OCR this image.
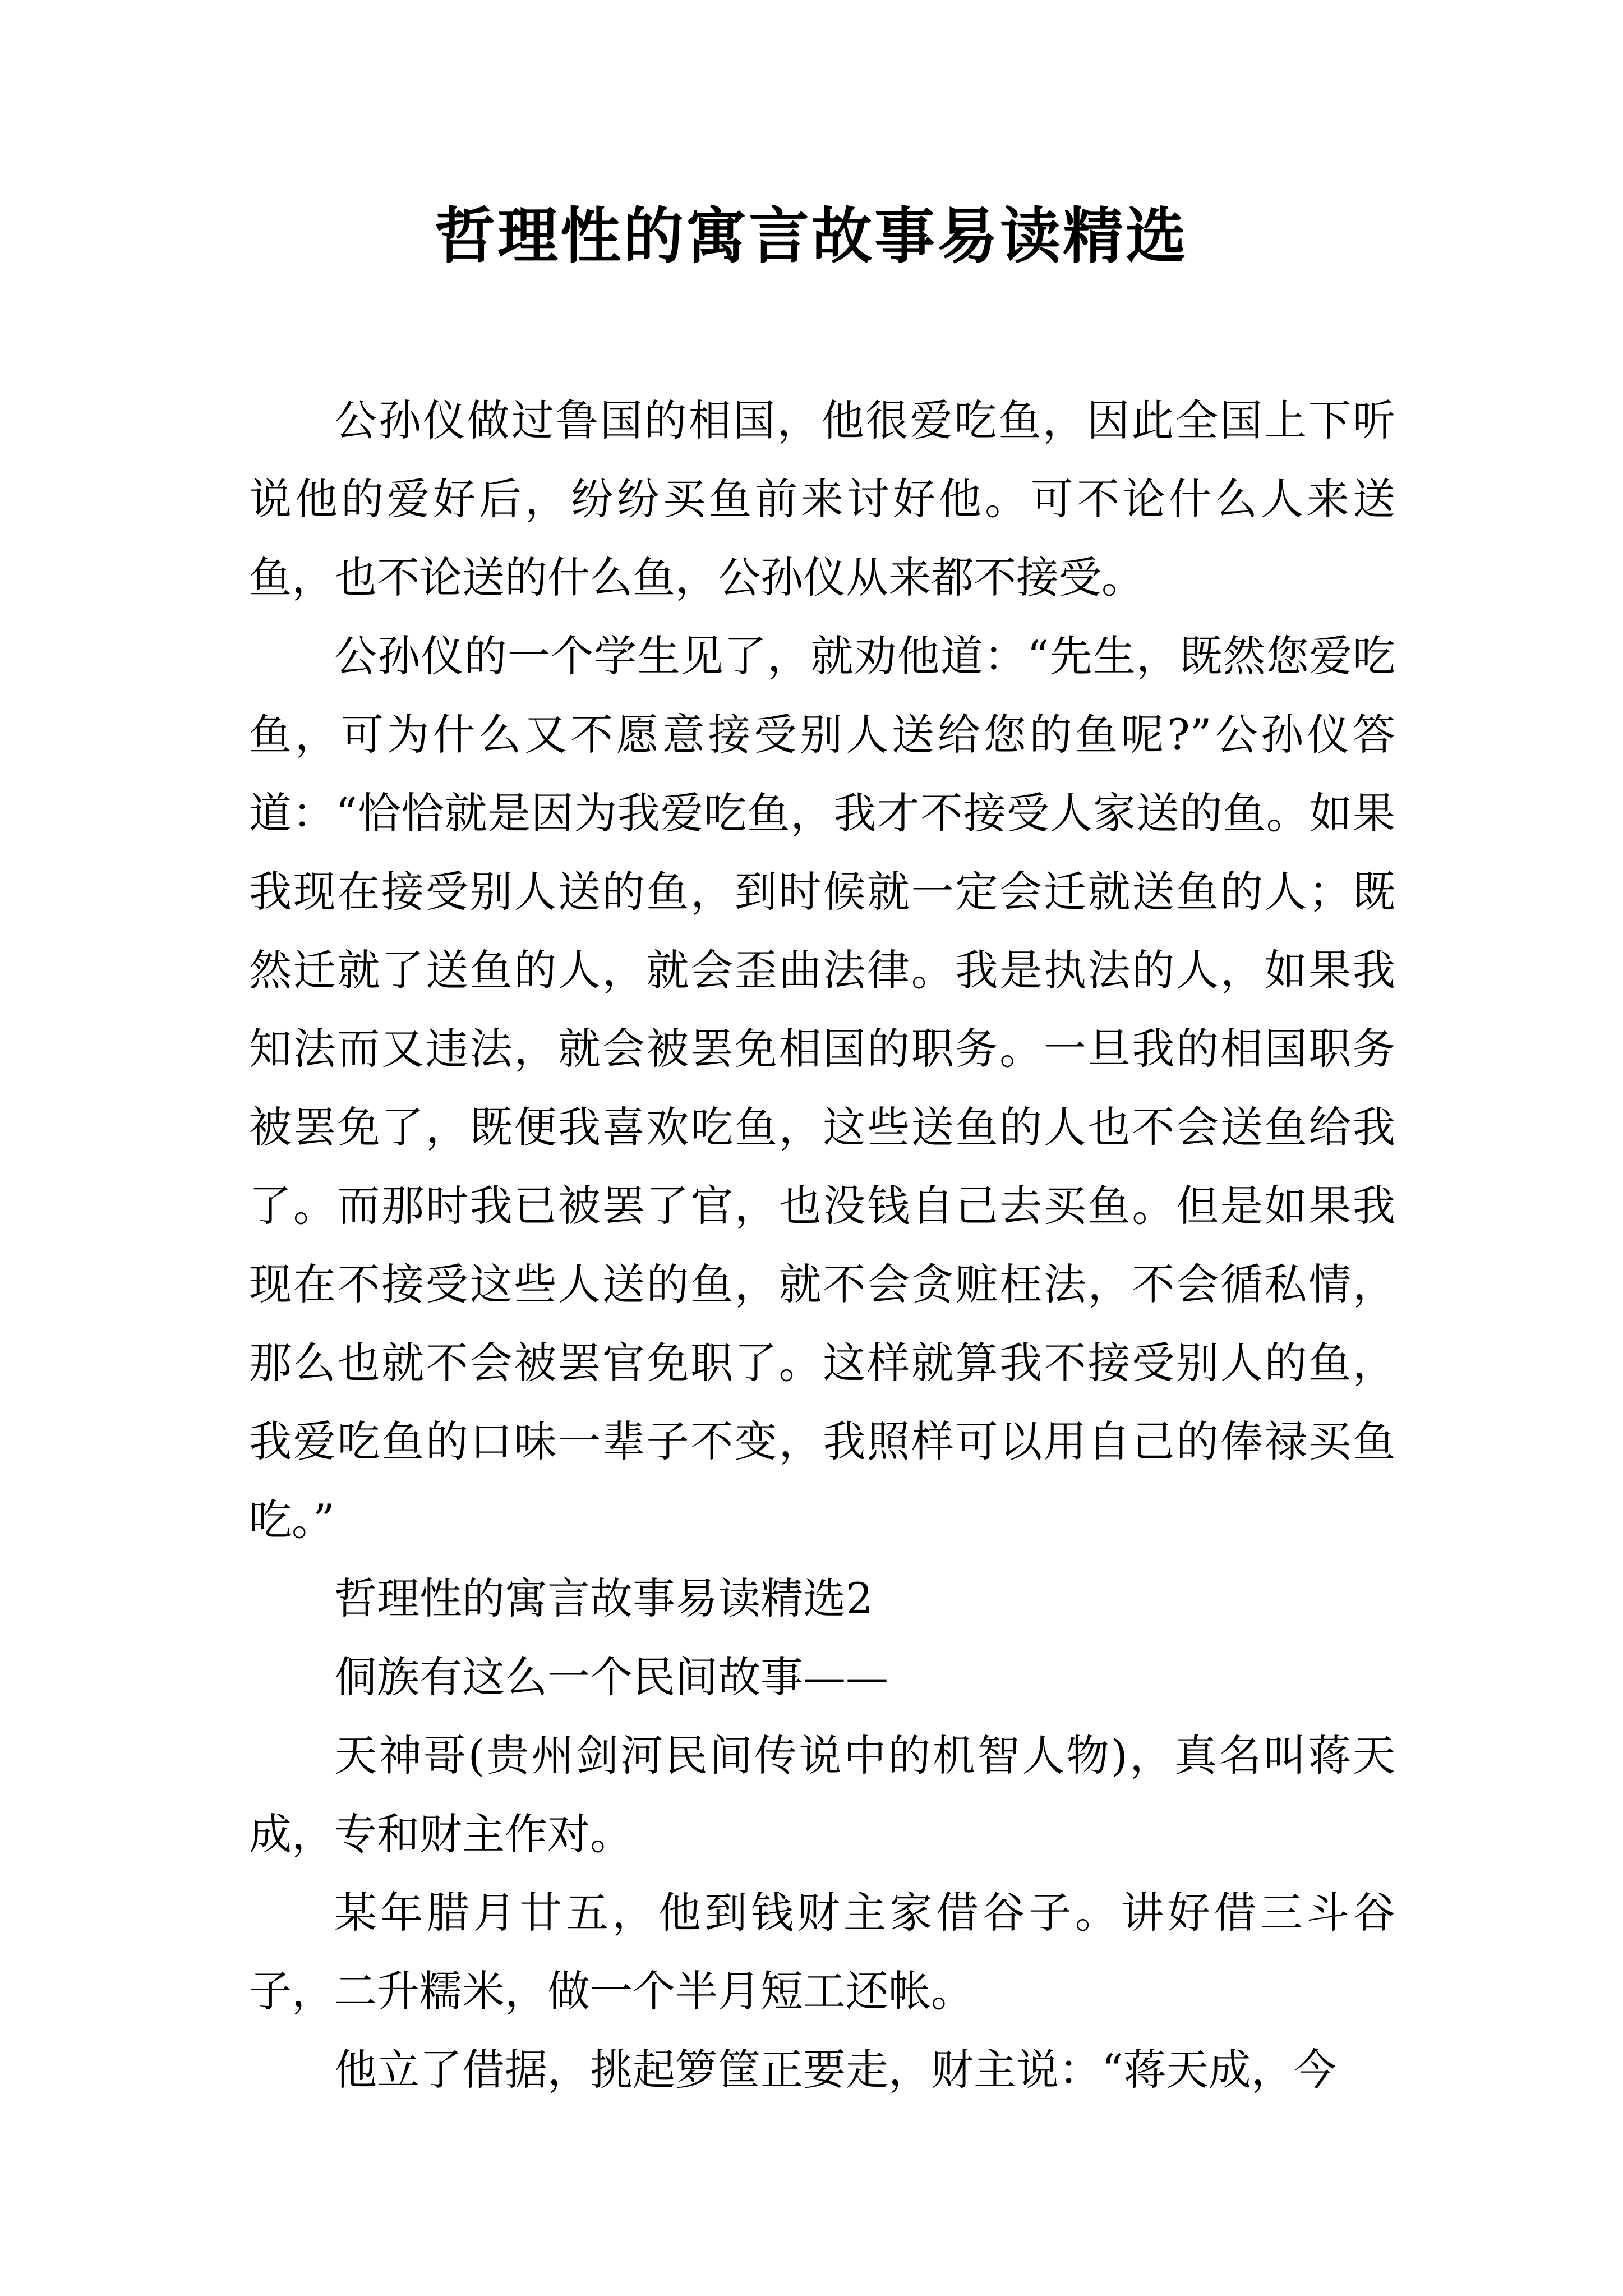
哲理性的寓言故事易读精选

公孙仪做过鲁国的相国，他很爱吃鱼，因此全国上下听说他的爱好后，纷纷买鱼前来讨好他。可不论什么人来送鱼，也不论送的什么鱼，公孙仪从来都不接受。

公孙仪的一个学生见了，就劝他道：“先生，既然您爱吃鱼，可为什么又不愿意接受别人送给您的鱼呢?”公孙仪答道：“恰恰就是因为我爱吃鱼，我才不接受人家送的鱼。如果我现在接受别人送的鱼，到时候就一定会迁就送鱼的人；既然迁就了送鱼的人，就会歪曲法律。我是执法的人，如果我知法而又违法，就会被罢免相国的职务。一旦我的相国职务被罢免了，既便我喜欢吃鱼，这些送鱼的人也不会送鱼给我了。而那时我已被罢了官，也没钱自己去买鱼。但是如果我现在不接受这些人送的鱼，就不会贪赃枉法，不会循私情，那么也就不会被罢官免职了。这样就算我不接受别人的鱼，我爱吃鱼的口味一辈子不变，我照样可以用自己的俸禄买鱼吃。”

哲理性的寓言故事易读精选2

侗族有这么一个民间故事——

天神哥(贵州剑河民间传说中的机智人物)，真名叫蒋天成，专和财主作对。

某年腊月廿五，他到钱财主家借谷子。讲好借三斗谷子，二升糯米，做一个半月短工还帐。

他立了借据，挑起箩筐正要走，财主说：“蒋天成，今
